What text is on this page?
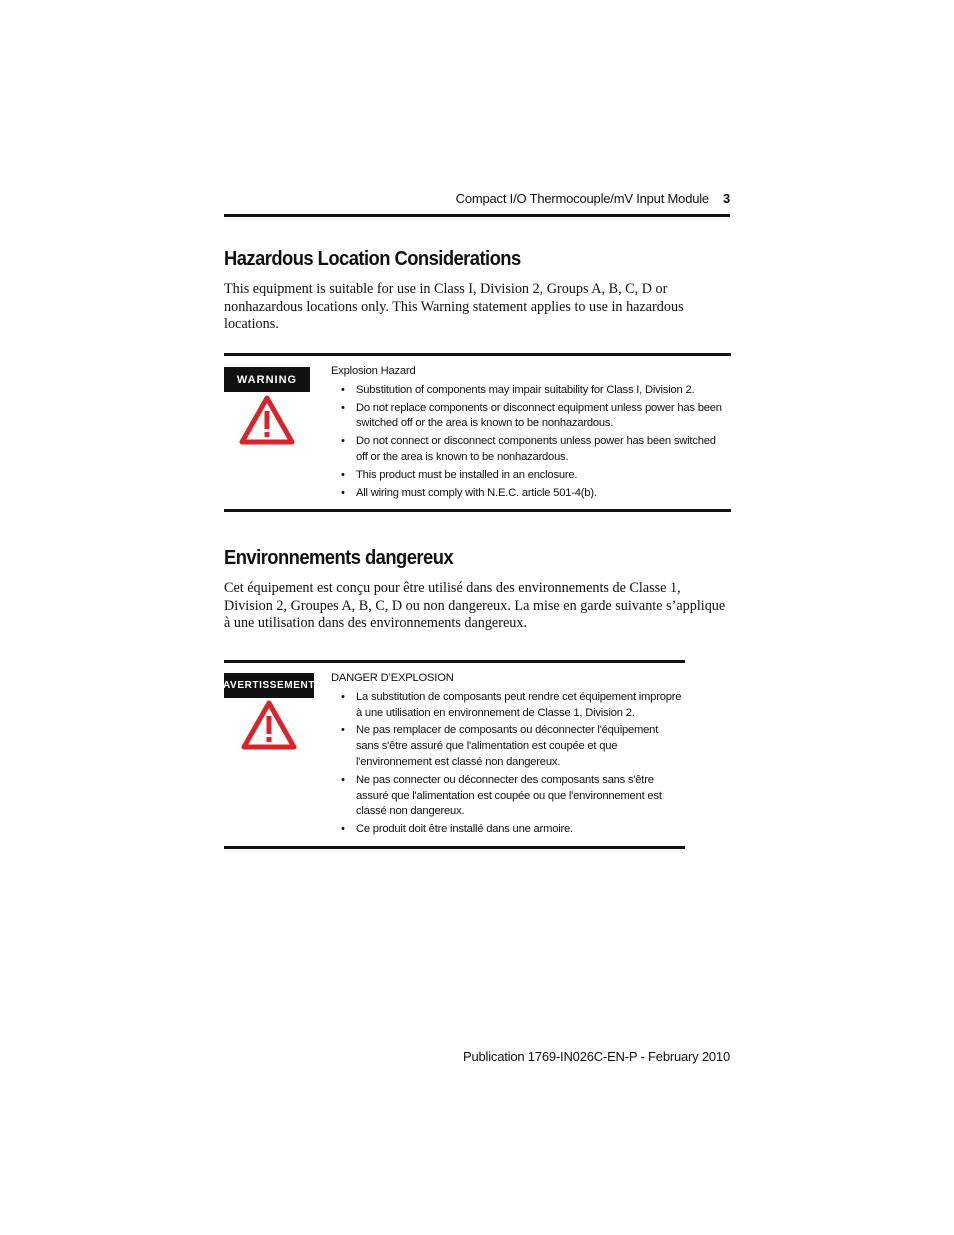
Compact I/O Thermocouple/mV Input Module 3
Hazardous Location Considerations

This equipment is suitable for use in Class I, Division 2, Groups A, B, C, D or nonhazardous locations only. This Warning statement applies to use in hazardous locations.

WARNING

Explosion Hazard

• Substitution of components may impair suitability for Class I, Division 2.
• Do not replace components or disconnect equipment unless power has been switched off or the area is known to be nonhazardous.
• Do not connect or disconnect components unless power has been switched off or the area is known to be nonhazardous.
• This product must be installed in an enclosure.
• All wiring must comply with N.E.C. article 501-4(b).
Environnements dangereux

Cet équipement est conçu pour être utilisé dans des environnements de Classe 1, Division 2, Groupes A, B, C, D ou non dangereux. La mise en garde suivante s’applique à une utilisation dans des environnements dangereux.

AVERTISSEMENT

DANGER D’EXPLOSION

• La substitution de composants peut rendre cet équipement impropre à une utilisation en environnement de Classe 1, Division 2.
• Ne pas remplacer de composants ou déconnecter l'équipement sans s'être assuré que l'alimentation est coupée et que l'environnement est classé non dangereux.
• Ne pas connecter ou déconnecter des composants sans s'être assuré que l'alimentation est coupée ou que l'environnement est classé non dangereux.
• Ce produit doit être installé dans une armoire.
Publication 1769-IN026C-EN-P - February 2010
